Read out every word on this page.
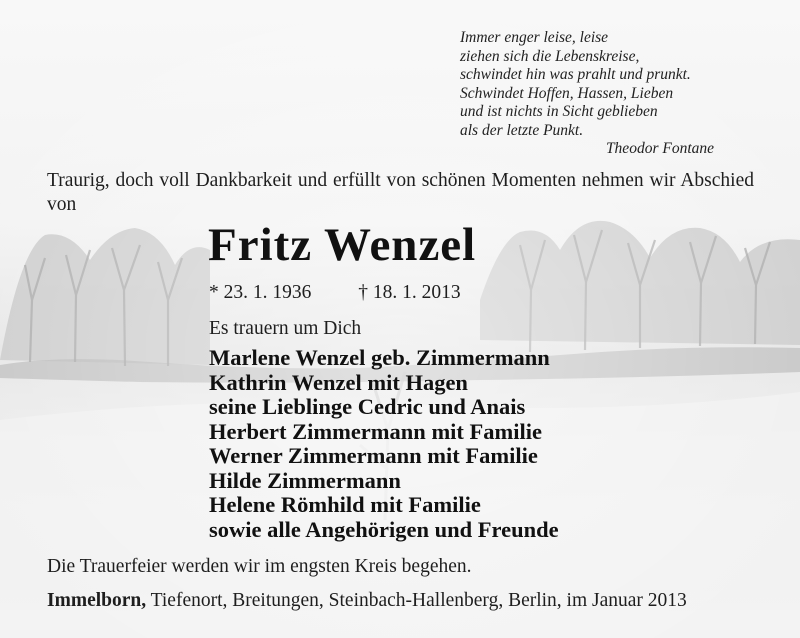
Immer enger leise, leise
ziehen sich die Lebenskreise,
schwindet hin was prahlt und prunkt.
Schwindet Hoffen, Hassen, Lieben
und ist nichts in Sicht geblieben
als der letzte Punkt.
Theodor Fontane
Traurig, doch voll Dankbarkeit und erfüllt von schönen Momenten nehmen wir Abschied von
Fritz Wenzel
* 23. 1. 1936 † 18. 1. 2013
Es trauern um Dich
Marlene Wenzel geb. Zimmermann
Kathrin Wenzel mit Hagen
seine Lieblinge Cedric und Anais
Herbert Zimmermann mit Familie
Werner Zimmermann mit Familie
Hilde Zimmermann
Helene Römhild mit Familie
sowie alle Angehörigen und Freunde
Die Trauerfeier werden wir im engsten Kreis begehen.
Immelborn, Tiefenort, Breitungen, Steinbach-Hallenberg, Berlin, im Januar 2013
